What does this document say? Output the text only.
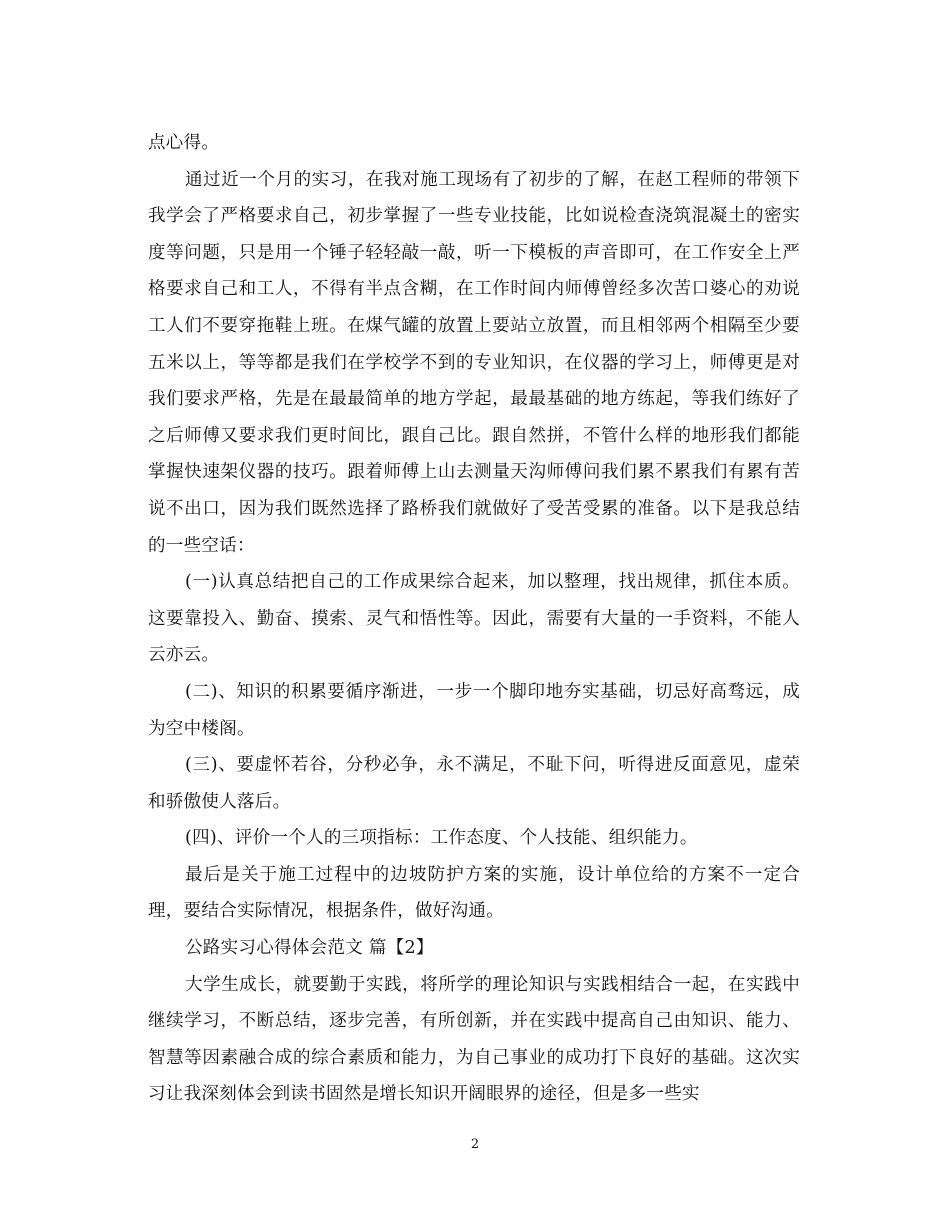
点心得。

通过近一个月的实习，在我对施工现场有了初步的了解，在赵工程师的带领下我学会了严格要求自己，初步掌握了一些专业技能，比如说检查浇筑混凝土的密实度等问题，只是用一个锤子轻轻敲一敲，听一下模板的声音即可，在工作安全上严格要求自己和工人，不得有半点含糊，在工作时间内师傅曾经多次苦口婆心的劝说工人们不要穿拖鞋上班。在煤气罐的放置上要站立放置，而且相邻两个相隔至少要五米以上，等等都是我们在学校学不到的专业知识，在仪器的学习上，师傅更是对我们要求严格，先是在最最简单的地方学起，最最基础的地方练起，等我们练好了之后师傅又要求我们更时间比，跟自己比。跟自然拼，不管什么样的地形我们都能掌握快速架仪器的技巧。跟着师傅上山去测量天沟师傅问我们累不累我们有累有苦说不出口，因为我们既然选择了路桥我们就做好了受苦受累的准备。以下是我总结的一些空话：

(一)认真总结把自己的工作成果综合起来，加以整理，找出规律，抓住本质。这要靠投入、勤奋、摸索、灵气和悟性等。因此，需要有大量的一手资料，不能人云亦云。

(二)、知识的积累要循序渐进，一步一个脚印地夯实基础，切忌好高骛远，成为空中楼阁。

(三)、要虚怀若谷，分秒必争，永不满足，不耻下问，听得进反面意见，虚荣和骄傲使人落后。

(四)、评价一个人的三项指标：工作态度、个人技能、组织能力。

最后是关于施工过程中的边坡防护方案的实施，设计单位给的方案不一定合理，要结合实际情况，根据条件，做好沟通。

公路实习心得体会范文 篇【2】

大学生成长，就要勤于实践，将所学的理论知识与实践相结合一起，在实践中继续学习，不断总结，逐步完善，有所创新，并在实践中提高自己由知识、能力、智慧等因素融合成的综合素质和能力，为自己事业的成功打下良好的基础。这次实习让我深刻体会到读书固然是增长知识开阔眼界的途径，但是多一些实

2
